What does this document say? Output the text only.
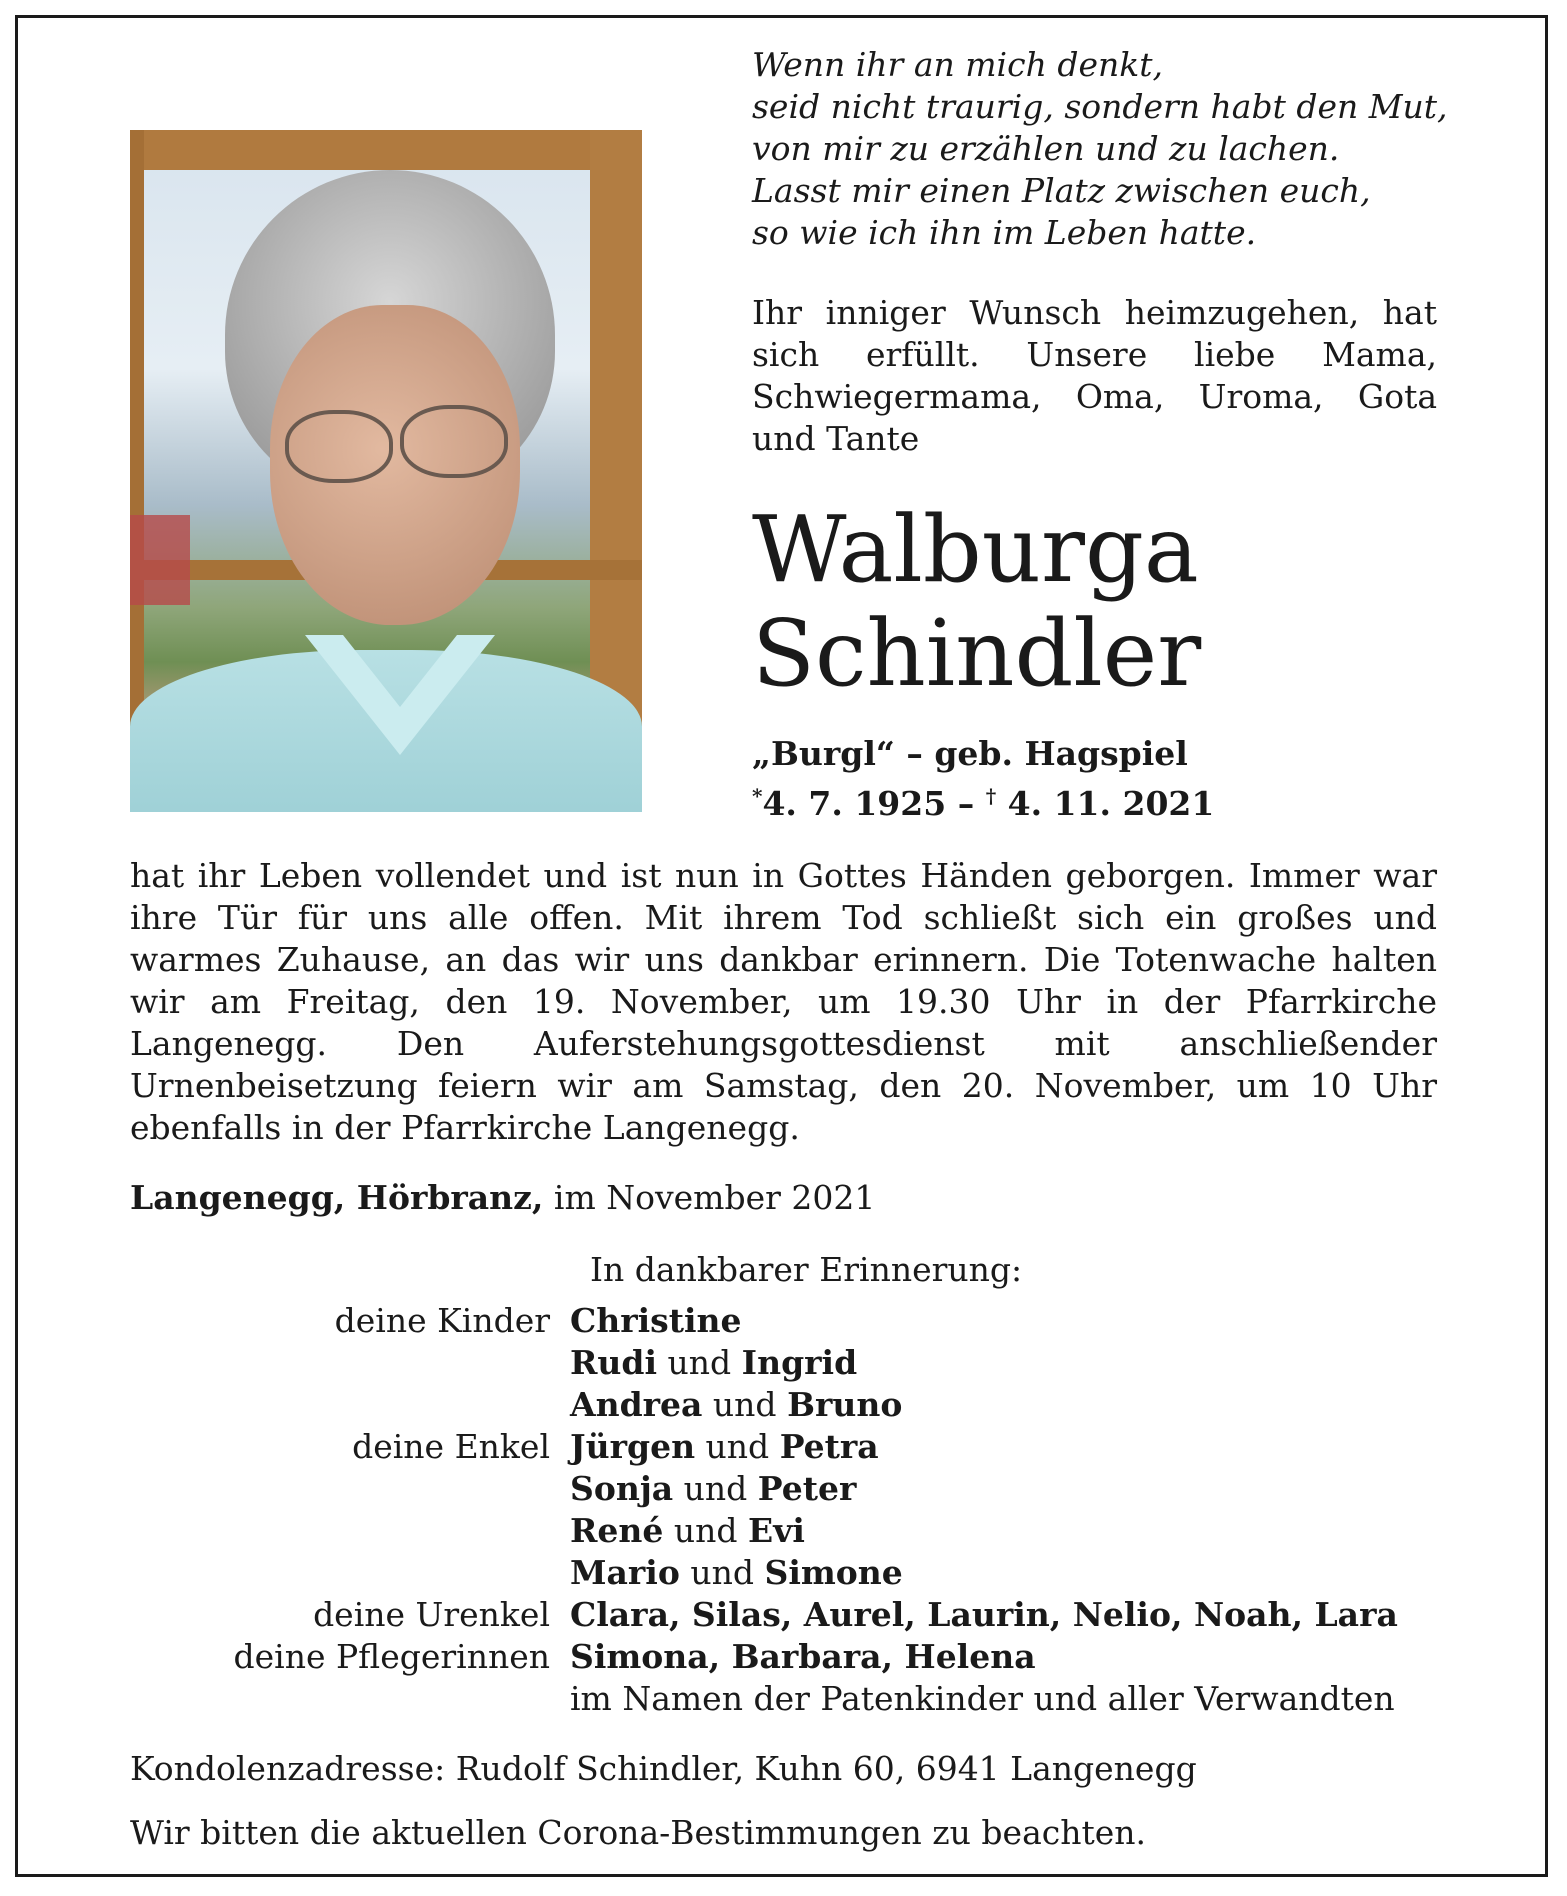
Wenn ihr an mich denkt,
seid nicht traurig, sondern habt den Mut,
von mir zu erzählen und zu lachen.
Lasst mir einen Platz zwischen euch,
so wie ich ihn im Leben hatte.

Ihr inniger Wunsch heimzugehen, hat sich erfüllt. Unsere liebe Mama, Schwiegermama, Oma, Uroma, Gota und Tante

Walburga
Schindler
„Burgl“ – geb. Hagspiel
*4. 7. 1925 – † 4. 11. 2021

hat ihr Leben vollendet und ist nun in Gottes Händen geborgen. Immer war ihre Tür für uns alle offen. Mit ihrem Tod schließt sich ein großes und warmes Zuhause, an das wir uns dankbar erinnern. Die Totenwache halten wir am Freitag, den 19. November, um 19.30 Uhr in der Pfarrkirche Langenegg. Den Auferstehungsgottesdienst mit anschließender Urnenbeisetzung feiern wir am Samstag, den 20. November, um 10 Uhr ebenfalls in der Pfarrkirche Langenegg.

Langenegg, Hörbranz, im November 2021
In dankbarer Erinnerung:
deine Kinder Christine
Rudi und Ingrid
Andrea und Bruno
deine Enkel Jürgen und Petra
Sonja und Peter
René und Evi
Mario und Simone
deine Urenkel Clara, Silas, Aurel, Laurin, Nelio, Noah, Lara
deine Pflegerinnen Simona, Barbara, Helena
im Namen der Patenkinder und aller Verwandten
Kondolenzadresse: Rudolf Schindler, Kuhn 60, 6941 Langenegg
Wir bitten die aktuellen Corona-Bestimmungen zu beachten.
